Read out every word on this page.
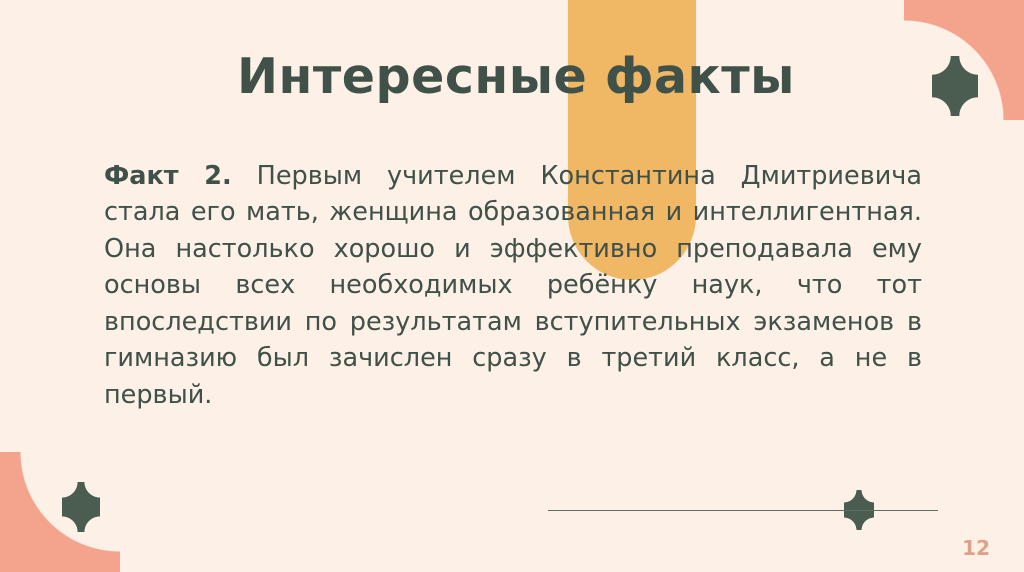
Интересные факты
Факт 2. Первым учителем Константина Дмитриевича стала его мать, женщина образованная и интеллигентная. Она настолько хорошо и эффективно преподавала ему основы всех необходимых ребёнку наук, что тот впоследствии по результатам вступительных экзаменов в гимназию был зачислен сразу в третий класс, а не в первый.
12
